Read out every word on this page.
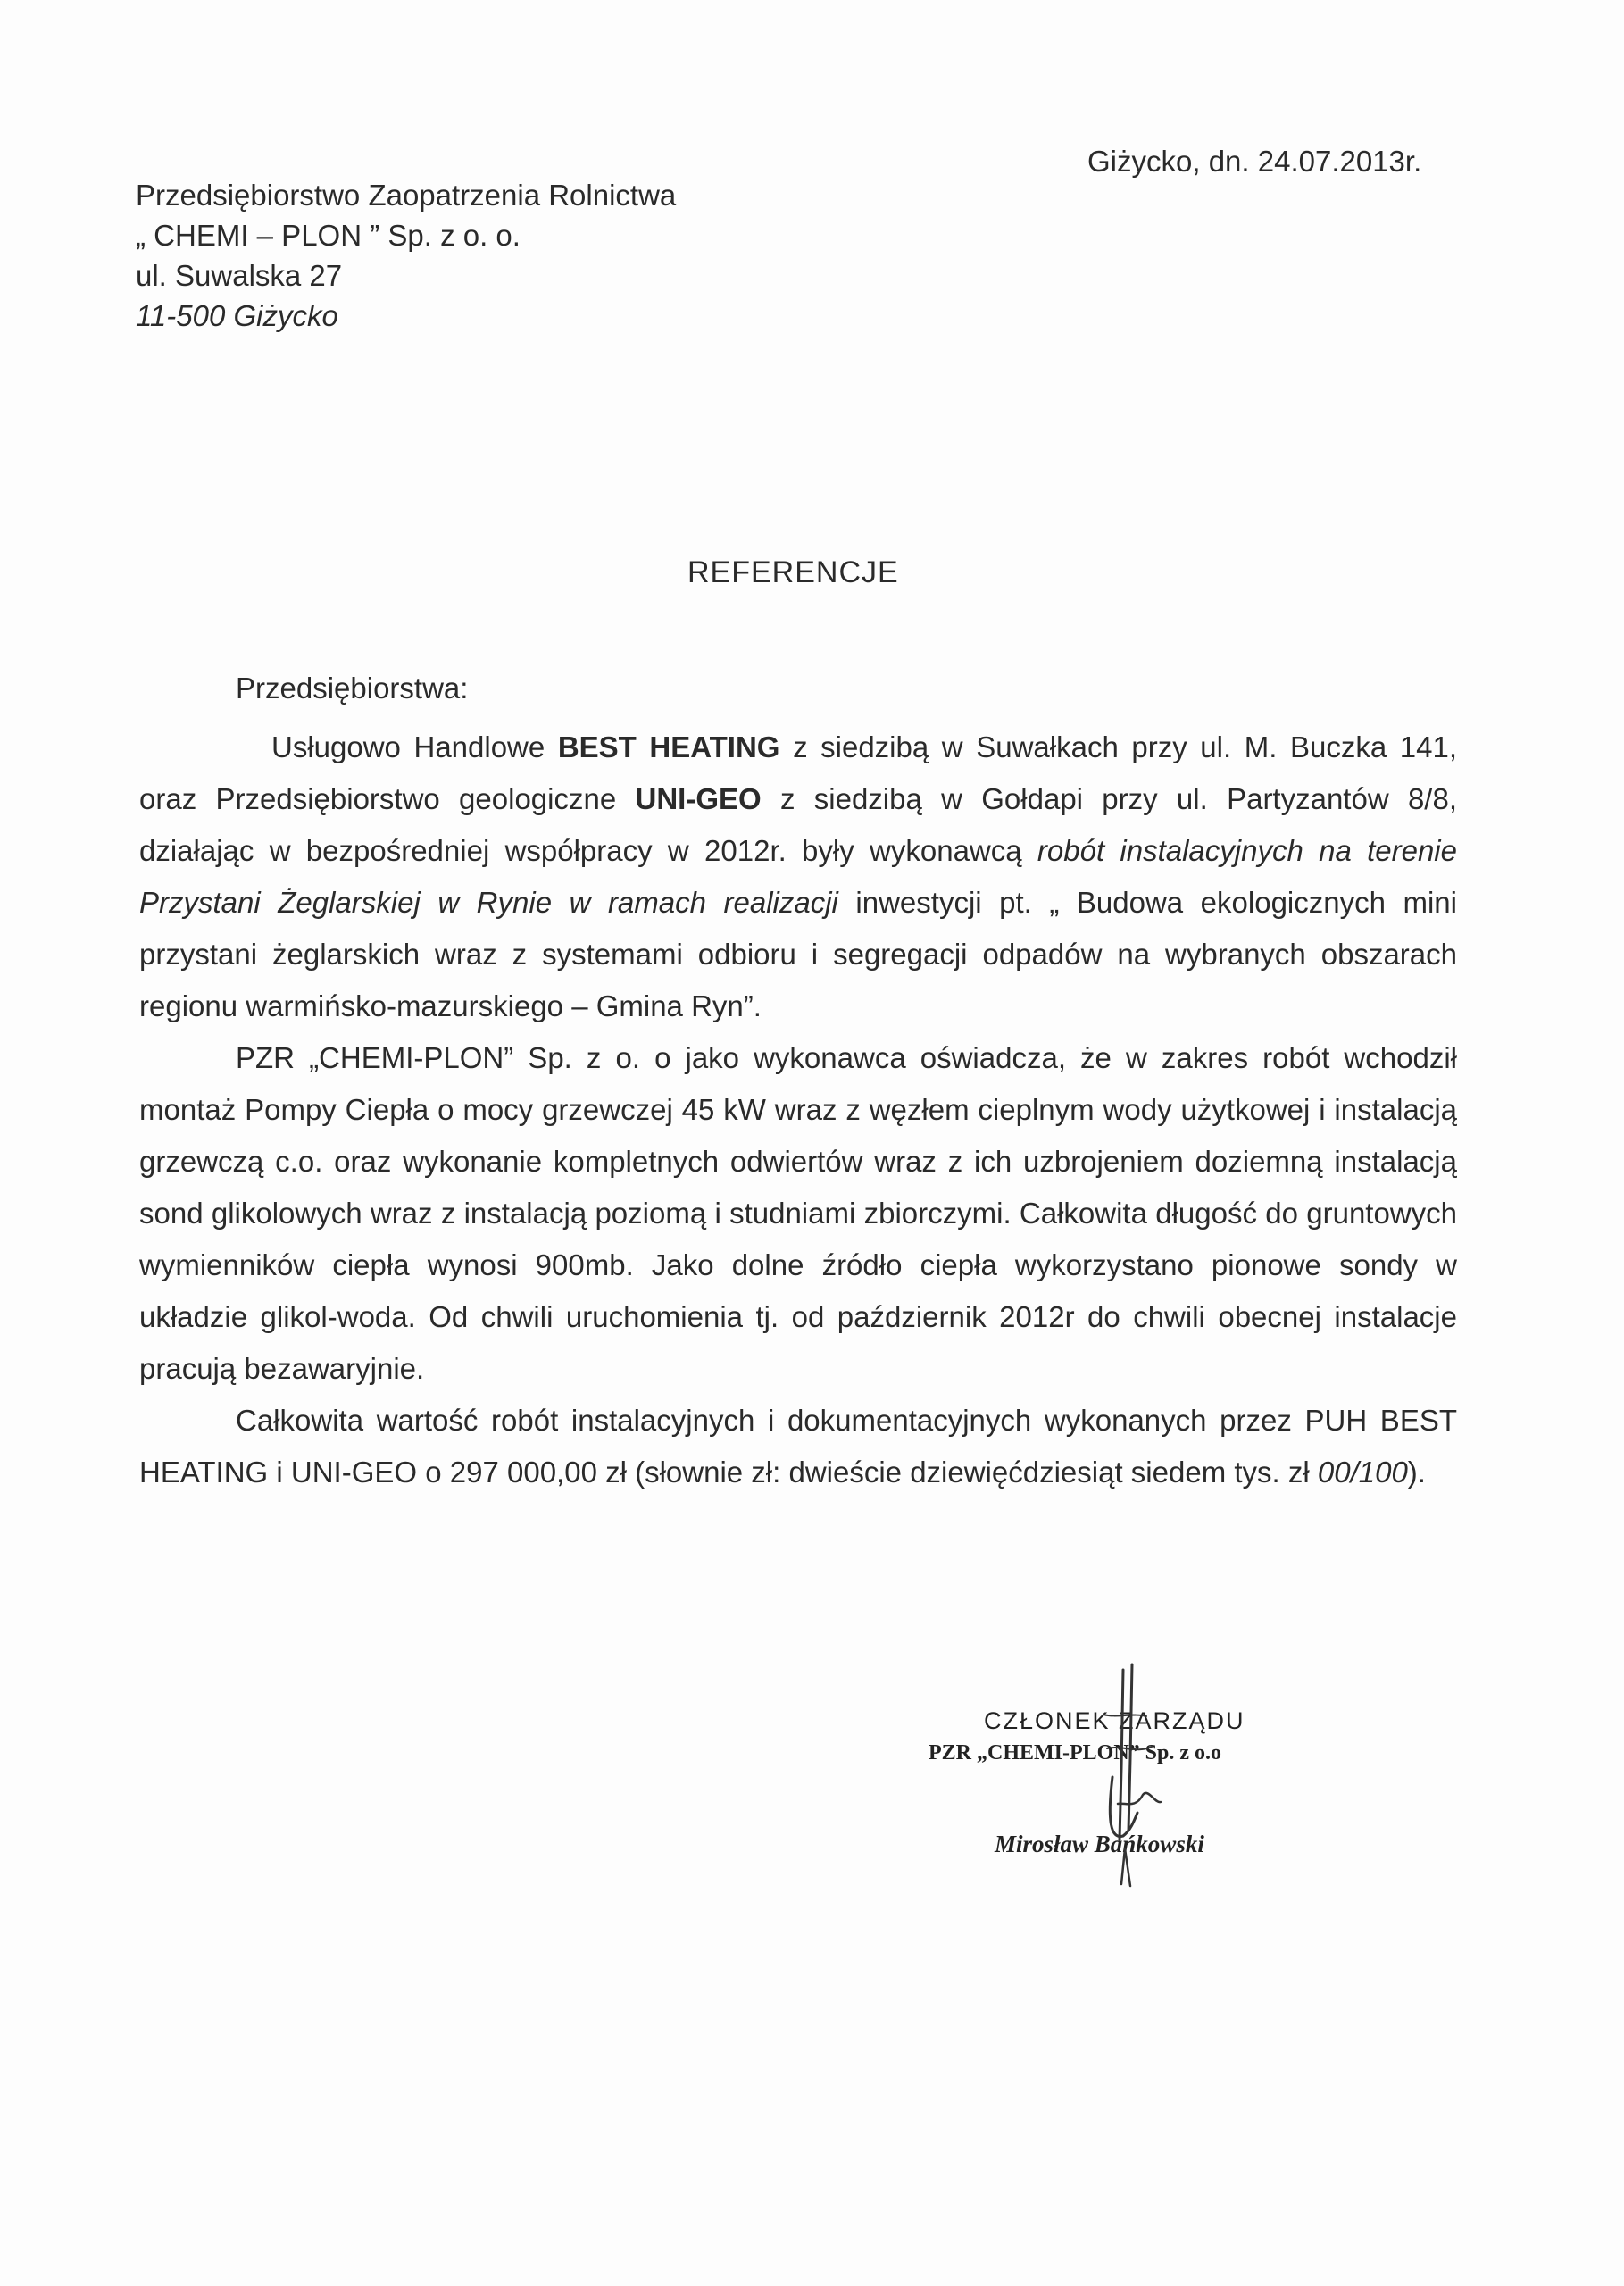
Przedsiębiorstwo Zaopatrzenia Rolnictwa
„ CHEMI – PLON ” Sp. z o. o.
ul. Suwalska 27
11-500 Giżycko
Giżycko, dn. 24.07.2013r.
REFERENCJE
Przedsiębiorstwa:

Usługowo Handlowe BEST HEATING z siedzibą w Suwałkach przy ul. M. Buczka 141, oraz Przedsiębiorstwo geologiczne UNI-GEO z siedzibą w Gołdapi przy ul. Partyzantów 8/8, działając w bezpośredniej współpracy w 2012r. były wykonawcą robót instalacyjnych na terenie Przystani Żeglarskiej w Rynie w ramach realizacji inwestycji pt. „ Budowa ekologicznych mini przystani żeglarskich wraz z systemami odbioru i segregacji odpadów na wybranych obszarach regionu warmińsko-mazurskiego – Gmina Ryn”.

PZR „CHEMI-PLON” Sp. z o. o jako wykonawca oświadcza, że w zakres robót wchodził montaż Pompy Ciepła o mocy grzewczej 45 kW wraz z węzłem cieplnym wody użytkowej i instalacją grzewczą c.o. oraz wykonanie kompletnych odwiertów wraz z ich uzbrojeniem doziemną instalacją sond glikolowych wraz z instalacją poziomą i studniami zbiorczymi. Całkowita długość do gruntowych wymienników ciepła wynosi 900mb. Jako dolne źródło ciepła wykorzystano pionowe sondy w układzie glikol-woda. Od chwili uruchomienia tj. od październik 2012r do chwili obecnej instalacje pracują bezawaryjnie.

Całkowita wartość robót instalacyjnych i dokumentacyjnych wykonanych przez PUH BEST HEATING i UNI-GEO o 297 000,00 zł (słownie zł: dwieście dziewięćdziesiąt siedem tys. zł 00/100).

CZŁONEK ZARZĄDU
PZR „CHEMI-PLON” Sp. z o.o
Mirosław Bańkowski
